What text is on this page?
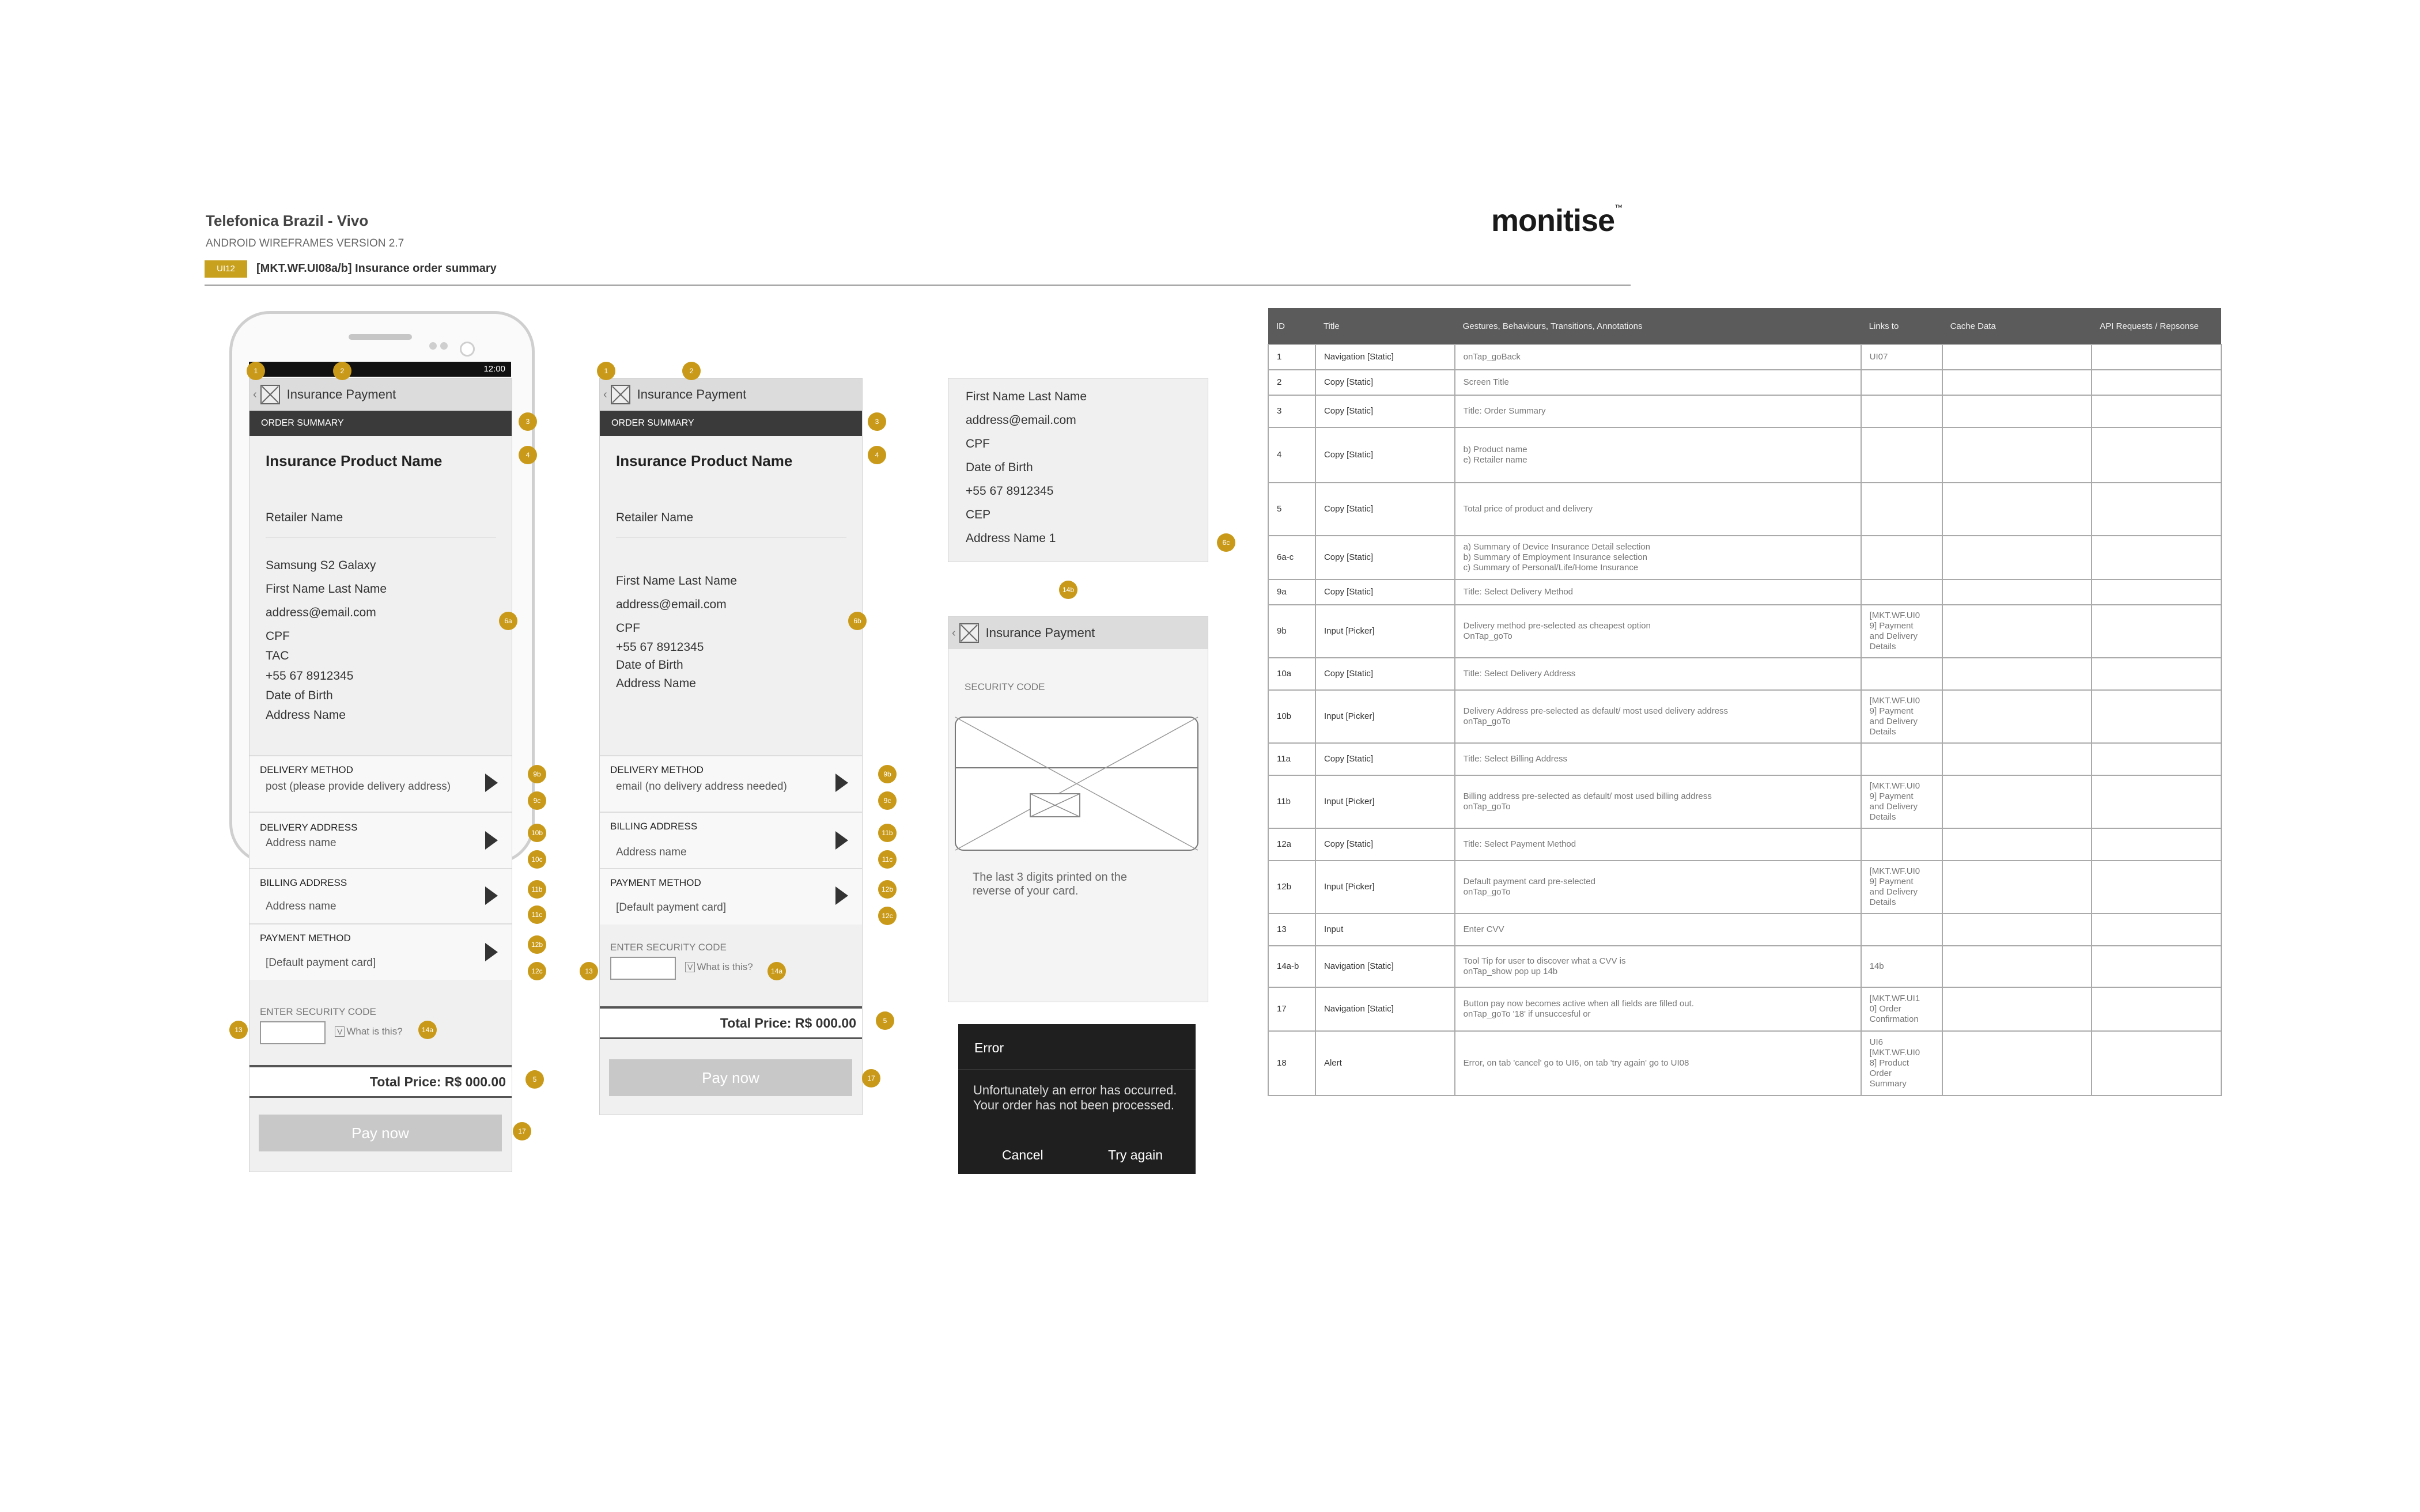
Telefonica Brazil - Vivo
ANDROID WIREFRAMES VERSION 2.7
UI12	[MKT.WF.UI08a/b] Insurance order summary
monitise™
12:00
‹ Insurance Payment
ORDER SUMMARY
Insurance Product Name
Retailer Name
Samsung S2 Galaxy
First Name Last Name
address@email.com
CPF
TAC
+55 67 8912345
Date of Birth
Address Name
DELIVERY METHOD
post (please provide delivery address)
DELIVERY ADDRESS
Address name
BILLING ADDRESS
Address name
PAYMENT METHOD
[Default payment card]
ENTER SECURITY CODE
V What is this?
Total Price: R$ 000.00
Pay now
‹ Insurance Payment
ORDER SUMMARY
Insurance Product Name
Retailer Name
First Name Last Name
address@email.com
CPF
+55 67 8912345
Date of Birth
Address Name
DELIVERY METHOD
email (no delivery address needed)
BILLING ADDRESS
Address name
PAYMENT METHOD
[Default payment card]
ENTER SECURITY CODE
V What is this?
Total Price: R$ 000.00
Pay now
First Name Last Name
address@email.com
CPF
Date of Birth
+55 67 8912345
CEP
Address Name 1
‹ Insurance Payment
SECURITY CODE
The last 3 digits printed on the reverse of your card.
Error
Unfortunately an error has occurred. Your order has not been processed.
Cancel	Try again
1	2
3
4
6a
9b
9c
10b
10c
11b
11c
12b
12c
13	14a
5
17
1	2
3
4
6b
9b
9c
11b
11c
12b
12c
13	14a
5
17
6c
14b
ID	Title	Gestures, Behaviours, Transitions, Annotations	Links to	Cache Data	API Requests / Repsonse
1	Navigation [Static]	onTap_goBack	UI07		
2	Copy [Static]	Screen Title			
3	Copy [Static]	Title: Order Summary			
4	Copy [Static]	b) Product name
e) Retailer name			
5	Copy [Static]	Total price of product and delivery			
6a-c	Copy [Static]	a) Summary of Device Insurance Detail selection
b) Summary of Employment Insurance selection
c) Summary of Personal/Life/Home Insurance			
9a	Copy [Static]	Title: Select Delivery Method			
9b	Input [Picker]	Delivery method pre-selected as cheapest option
OnTap_goTo	[MKT.WF.UI0
9] Payment
and Delivery
Details		
10a	Copy [Static]	Title: Select Delivery Address			
10b	Input [Picker]	Delivery Address pre-selected as default/ most used delivery address
onTap_goTo	[MKT.WF.UI0
9] Payment
and Delivery
Details		
11a	Copy [Static]	Title: Select Billing Address			
11b	Input [Picker]	Billing address pre-selected as default/ most used billing address
onTap_goTo	[MKT.WF.UI0
9] Payment
and Delivery
Details		
12a	Copy [Static]	Title: Select Payment Method			
12b	Input [Picker]	Default payment card pre-selected
onTap_goTo	[MKT.WF.UI0
9] Payment
and Delivery
Details		
13	Input	Enter CVV			
14a-b	Navigation [Static]	Tool Tip for user to discover what a CVV is
onTap_show pop up 14b	14b		
17	Navigation [Static]	Button pay now becomes active when all fields are filled out.
onTap_goTo '18' if unsuccesful or	[MKT.WF.UI1
0] Order
Confirmation		
18	Alert	Error, on tab 'cancel' go to UI6, on tab 'try again' go to UI08	UI6
[MKT.WF.UI0
8] Product
Order
Summary		
